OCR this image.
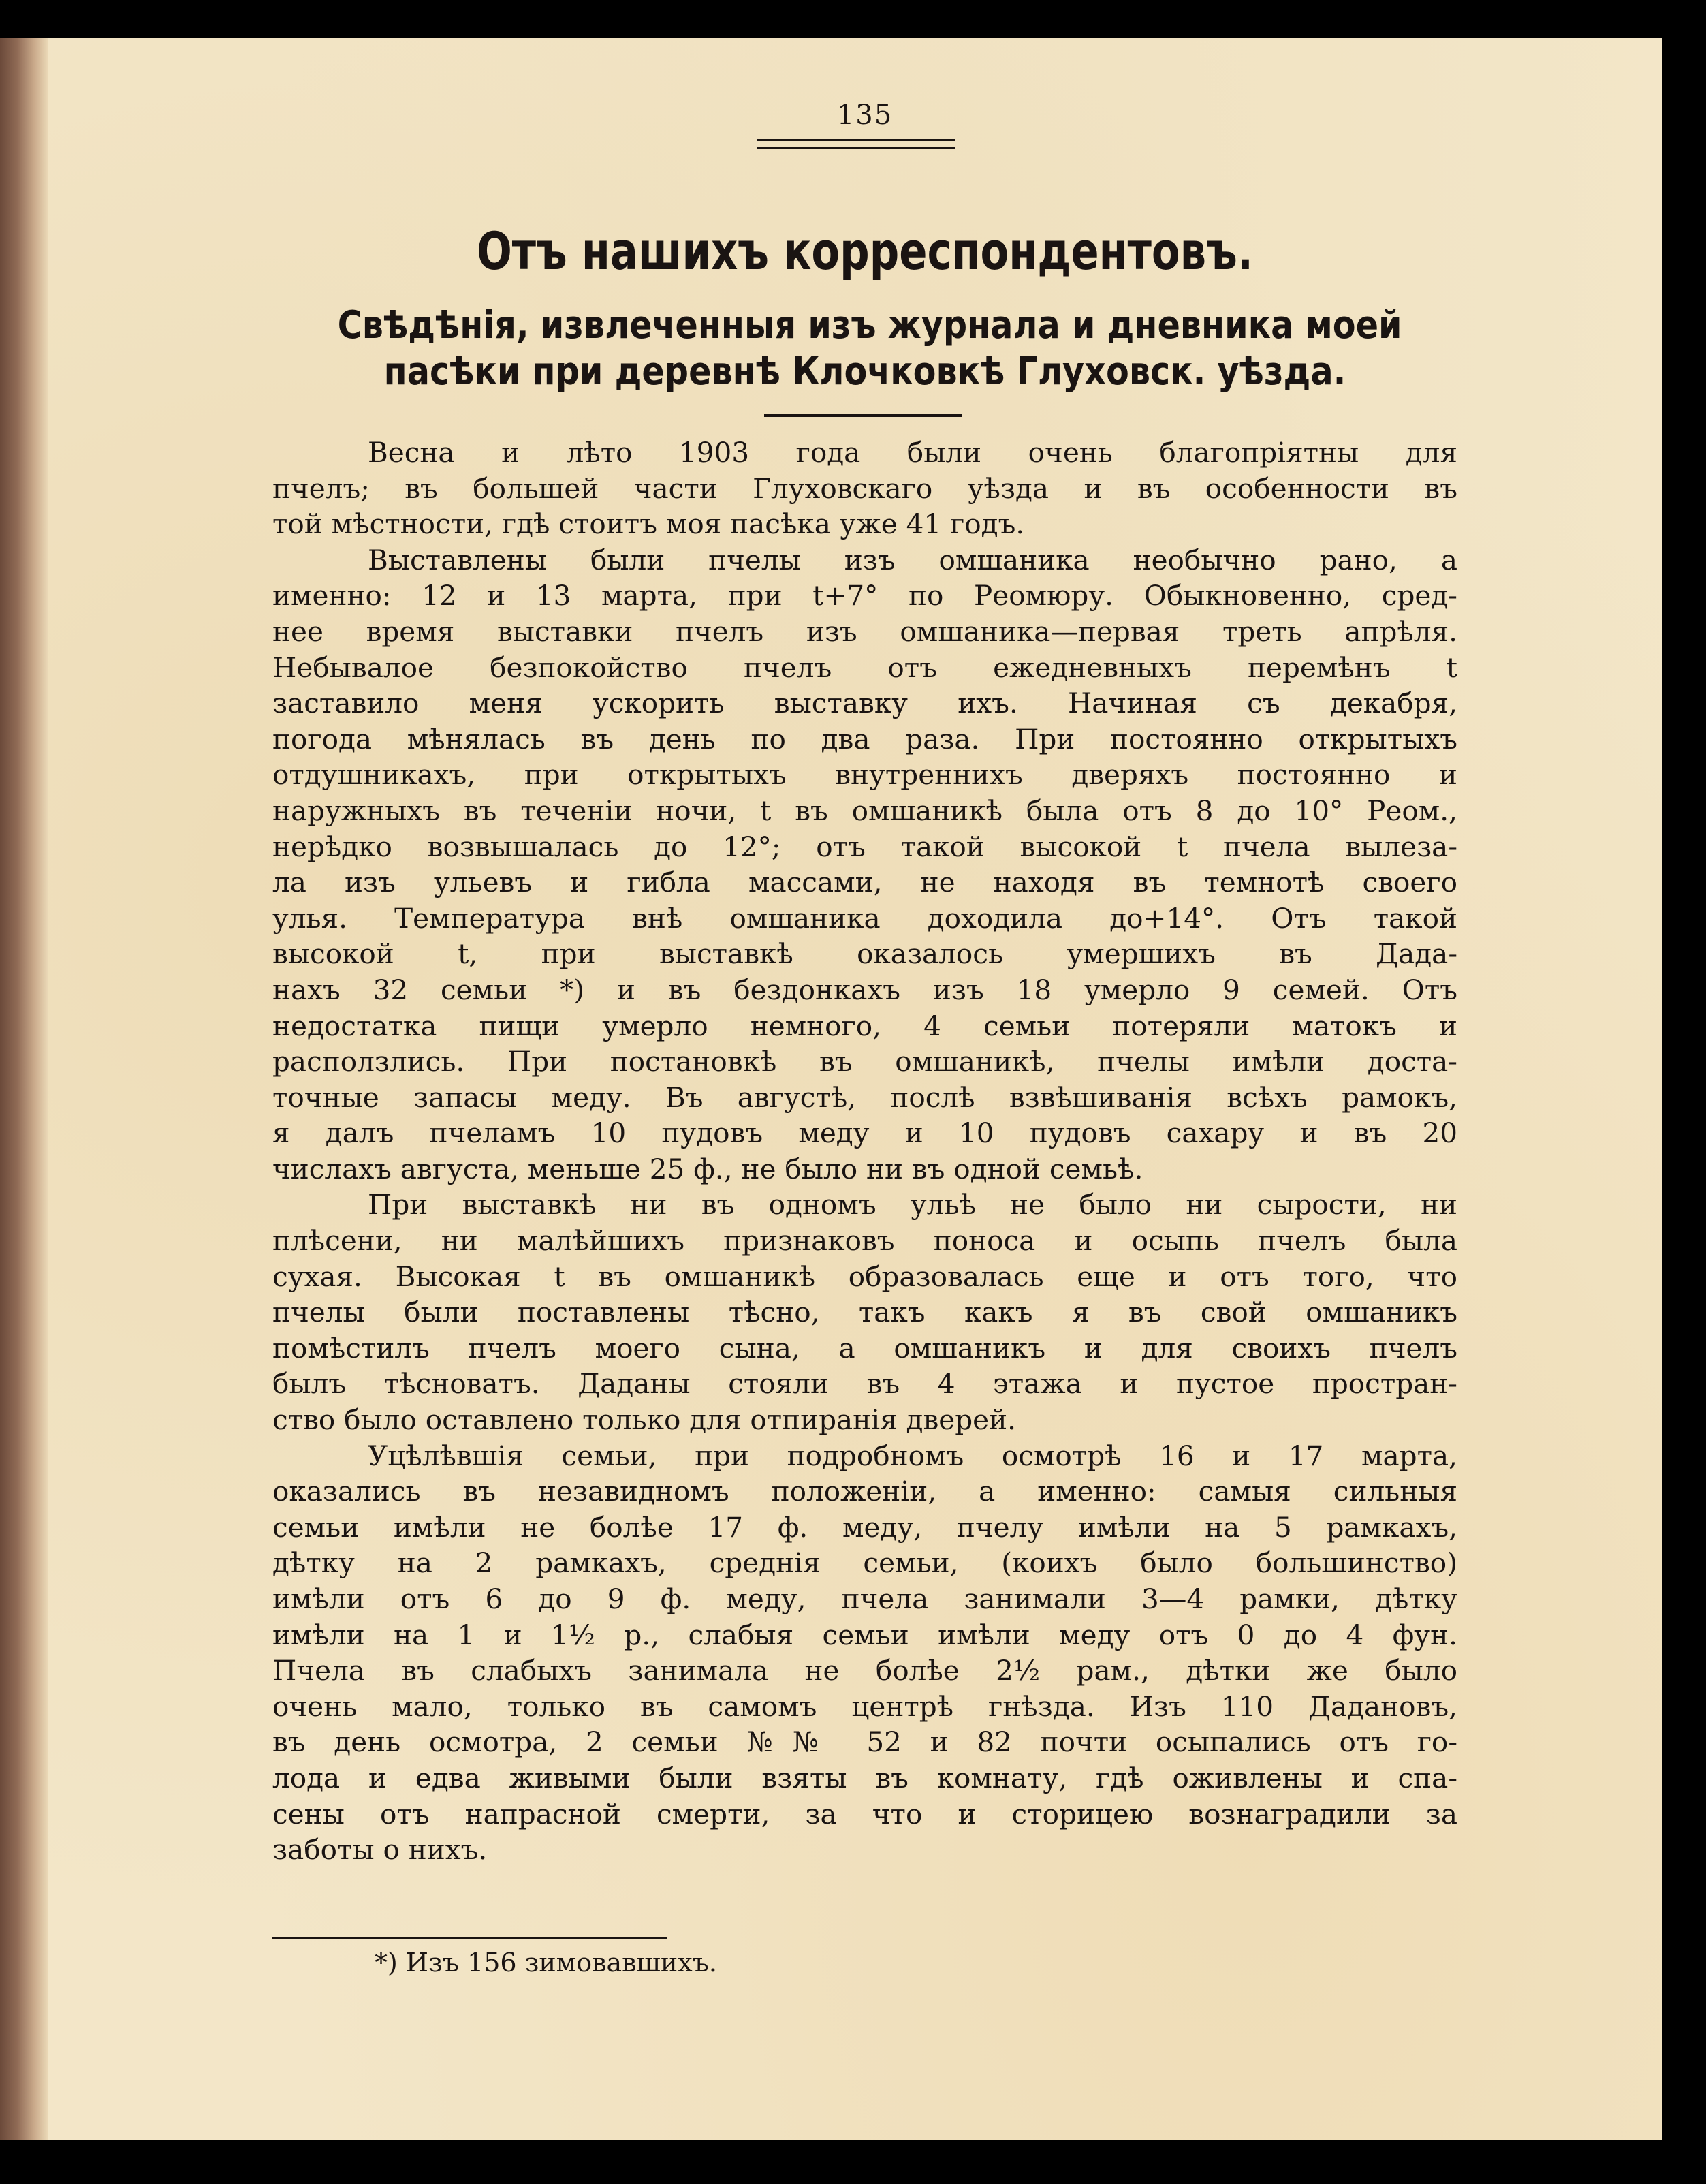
135
Отъ нашихъ корреспондентовъ.
Свѣдѣнія, извлеченныя изъ журнала и дневника моей
пасѣки при деревнѣ Клочковкѣ Глуховск. уѣзда.

Весна и лѣто 1903 года были очень благопріятны для
пчелъ; въ большей части Глуховскаго уѣзда и въ особенности въ
той мѣстности, гдѣ стоитъ моя пасѣка уже 41 годъ.

Выставлены были пчелы изъ омшаника необычно рано, а
именно: 12 и 13 марта, при t+7° по Реомюру. Обыкновенно, сред-
нее время выставки пчелъ изъ омшаника—первая треть апрѣля.
Небывалое безпокойство пчелъ отъ ежедневныхъ перемѣнъ t
заставило меня ускорить выставку ихъ. Начиная съ декабря,
погода мѣнялась въ день по два раза. При постоянно открытыхъ
отдушникахъ, при открытыхъ внутреннихъ дверяхъ постоянно и
наружныхъ въ теченіи ночи, t въ омшаникѣ была отъ 8 до 10° Реом.,
нерѣдко возвышалась до 12°; отъ такой высокой t пчела вылеза-
ла изъ ульевъ и гибла массами, не находя въ темнотѣ своего
улья. Температура внѣ омшаника доходила до+14°. Отъ такой
высокой t, при выставкѣ оказалось умершихъ въ Дада-
нахъ 32 семьи *) и въ бездонкахъ изъ 18 умерло 9 семей. Отъ
недостатка пищи умерло немного, 4 семьи потеряли матокъ и
расползлись. При постановкѣ въ омшаникѣ, пчелы имѣли доста-
точные запасы меду. Въ августѣ, послѣ взвѣшиванія всѣхъ рамокъ,
я далъ пчеламъ 10 пудовъ меду и 10 пудовъ сахару и въ 20
числахъ августа, меньше 25 ф., не было ни въ одной семьѣ.

При выставкѣ ни въ одномъ ульѣ не было ни сырости, ни
плѣсени, ни малѣйшихъ признаковъ поноса и осыпь пчелъ была
сухая. Высокая t въ омшаникѣ образовалась еще и отъ того, что
пчелы были поставлены тѣсно, такъ какъ я въ свой омшаникъ
помѣстилъ пчелъ моего сына, а омшаникъ и для своихъ пчелъ
былъ тѣсноватъ. Даданы стояли въ 4 этажа и пустое простран-
ство было оставлено только для отпиранія дверей.

Уцѣлѣвшія семьи, при подробномъ осмотрѣ 16 и 17 марта,
оказались въ незавидномъ положеніи, а именно: самыя сильныя
семьи имѣли не болѣе 17 ф. меду, пчелу имѣли на 5 рамкахъ,
дѣтку на 2 рамкахъ, среднія семьи, (коихъ было большинство)
имѣли отъ 6 до 9 ф. меду, пчела занимали 3—4 рамки, дѣтку
имѣли на 1 и 1½ р., слабыя семьи имѣли меду отъ 0 до 4 фун.
Пчела въ слабыхъ занимала не болѣе 2½ рам., дѣтки же было
очень мало, только въ самомъ центрѣ гнѣзда. Изъ 110 Дадановъ,
въ день осмотра, 2 семьи №№ 52 и 82 почти осыпались отъ го-
лода и едва живыми были взяты въ комнату, гдѣ оживлены и спа-
сены отъ напрасной смерти, за что и сторицею вознаградили за
заботы о нихъ.

*) Изъ 156 зимовавшихъ.
